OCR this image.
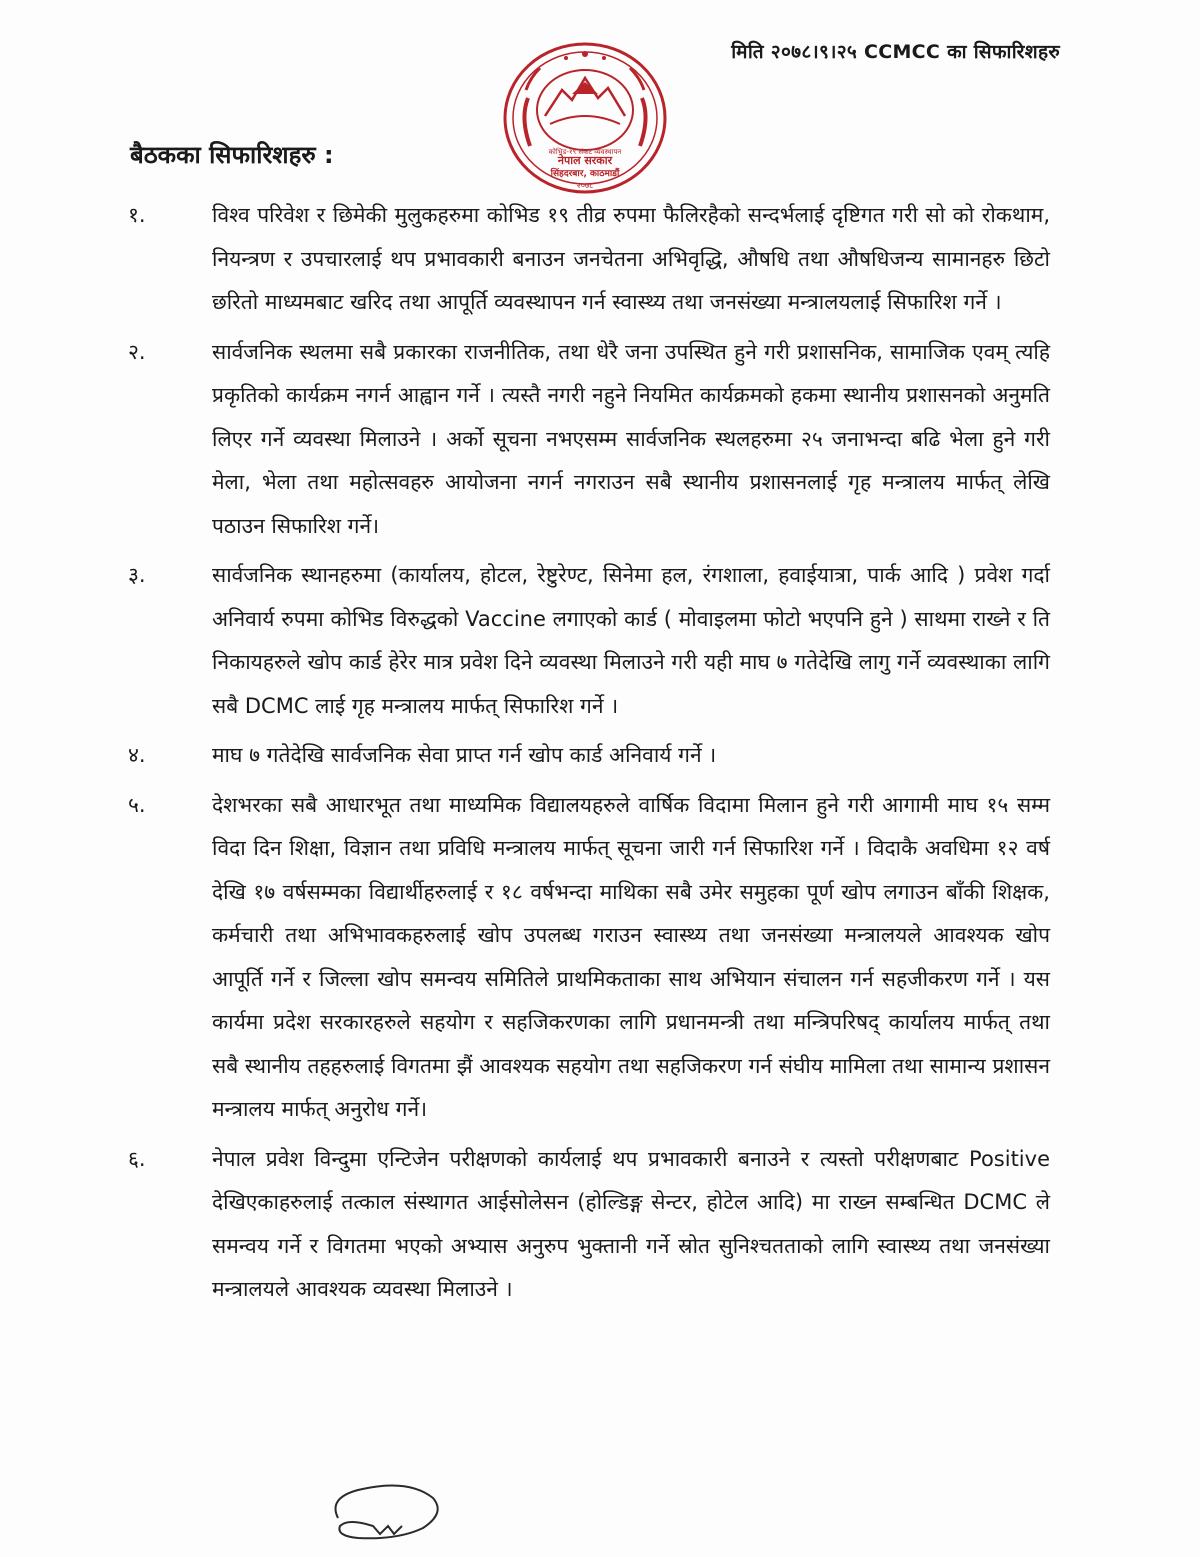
मिति २०७८।९।२५ CCMCC का सिफारिशहरु
नेपाल सरकार
कोभिड-१९ संकट व्यवस्थापन
सिंहदरबार, काठमाडौं
२०७८
बैठकका सिफारिशहरु :
१.	विश्व परिवेश र छिमेकी मुलुकहरुमा कोभिड १९ तीव्र रुपमा फैलिरहैको सन्दर्भलाई दृष्टिगत गरी सो को रोकथाम, नियन्त्रण र उपचारलाई थप प्रभावकारी बनाउन जनचेतना अभिवृद्धि, औषधि तथा औषधिजन्य सामानहरु छिटो छरितो माध्यमबाट खरिद तथा आपूर्ति व्यवस्थापन गर्न स्वास्थ्य तथा जनसंख्या मन्त्रालयलाई सिफारिश गर्ने ।
२.	सार्वजनिक स्थलमा सबै प्रकारका राजनीतिक, तथा धेरै जना उपस्थित हुने गरी प्रशासनिक, सामाजिक एवम् त्यहि प्रकृतिको कार्यक्रम नगर्न आह्वान गर्ने । त्यस्तै नगरी नहुने नियमित कार्यक्रमको हकमा स्थानीय प्रशासनको अनुमति लिएर गर्ने व्यवस्था मिलाउने । अर्को सूचना नभएसम्म सार्वजनिक स्थलहरुमा २५ जनाभन्दा बढि भेला हुने गरी मेला, भेला तथा महोत्सवहरु आयोजना नगर्न नगराउन सबै स्थानीय प्रशासनलाई गृह मन्त्रालय मार्फत् लेखि पठाउन सिफारिश गर्ने।
३.	सार्वजनिक स्थानहरुमा (कार्यालय, होटल, रेष्टुरेण्ट, सिनेमा हल, रंगशाला, हवाईयात्रा, पार्क आदि ) प्रवेश गर्दा अनिवार्य रुपमा कोभिड विरुद्धको Vaccine लगाएको कार्ड ( मोवाइलमा फोटो भएपनि हुने ) साथमा राख्ने र ति निकायहरुले खोप कार्ड हेरेर मात्र प्रवेश दिने व्यवस्था मिलाउने गरी यही माघ ७ गतेदेखि लागु गर्ने व्यवस्थाका लागि सबै DCMC लाई गृह मन्त्रालय मार्फत् सिफारिश गर्ने ।
४.	माघ ७ गतेदेखि सार्वजनिक सेवा प्राप्त गर्न खोप कार्ड अनिवार्य गर्ने ।
५.	देशभरका सबै आधारभूत तथा माध्यमिक विद्यालयहरुले वार्षिक विदामा मिलान हुने गरी आगामी माघ १५ सम्म विदा दिन शिक्षा, विज्ञान तथा प्रविधि मन्त्रालय मार्फत् सूचना जारी गर्न सिफारिश गर्ने । विदाकै अवधिमा १२ वर्ष देखि १७ वर्षसम्मका विद्यार्थीहरुलाई र १८ वर्षभन्दा माथिका सबै उमेर समुहका पूर्ण खोप लगाउन बाँकी शिक्षक, कर्मचारी तथा अभिभावकहरुलाई खोप उपलब्ध गराउन स्वास्थ्य तथा जनसंख्या मन्त्रालयले आवश्यक खोप आपूर्ति गर्ने र जिल्ला खोप समन्वय समितिले प्राथमिकताका साथ अभियान संचालन गर्न सहजीकरण गर्ने । यस कार्यमा प्रदेश सरकारहरुले सहयोग र सहजिकरणका लागि प्रधानमन्त्री तथा मन्त्रिपरिषद् कार्यालय मार्फत् तथा सबै स्थानीय तहहरुलाई विगतमा झैं आवश्यक सहयोग तथा सहजिकरण गर्न संघीय मामिला तथा सामान्य प्रशासन मन्त्रालय मार्फत् अनुरोध गर्ने।
६.	नेपाल प्रवेश विन्दुमा एन्टिजेन परीक्षणको कार्यलाई थप प्रभावकारी बनाउने र त्यस्तो परीक्षणबाट Positive देखिएकाहरुलाई तत्काल संस्थागत आईसोलेसन (होल्डिङ्ग सेन्टर, होटेल आदि) मा राख्न सम्बन्धित DCMC ले समन्वय गर्ने र विगतमा भएको अभ्यास अनुरुप भुक्तानी गर्ने स्रोत सुनिश्चतताको लागि स्वास्थ्य तथा जनसंख्या मन्त्रालयले आवश्यक व्यवस्था मिलाउने ।
